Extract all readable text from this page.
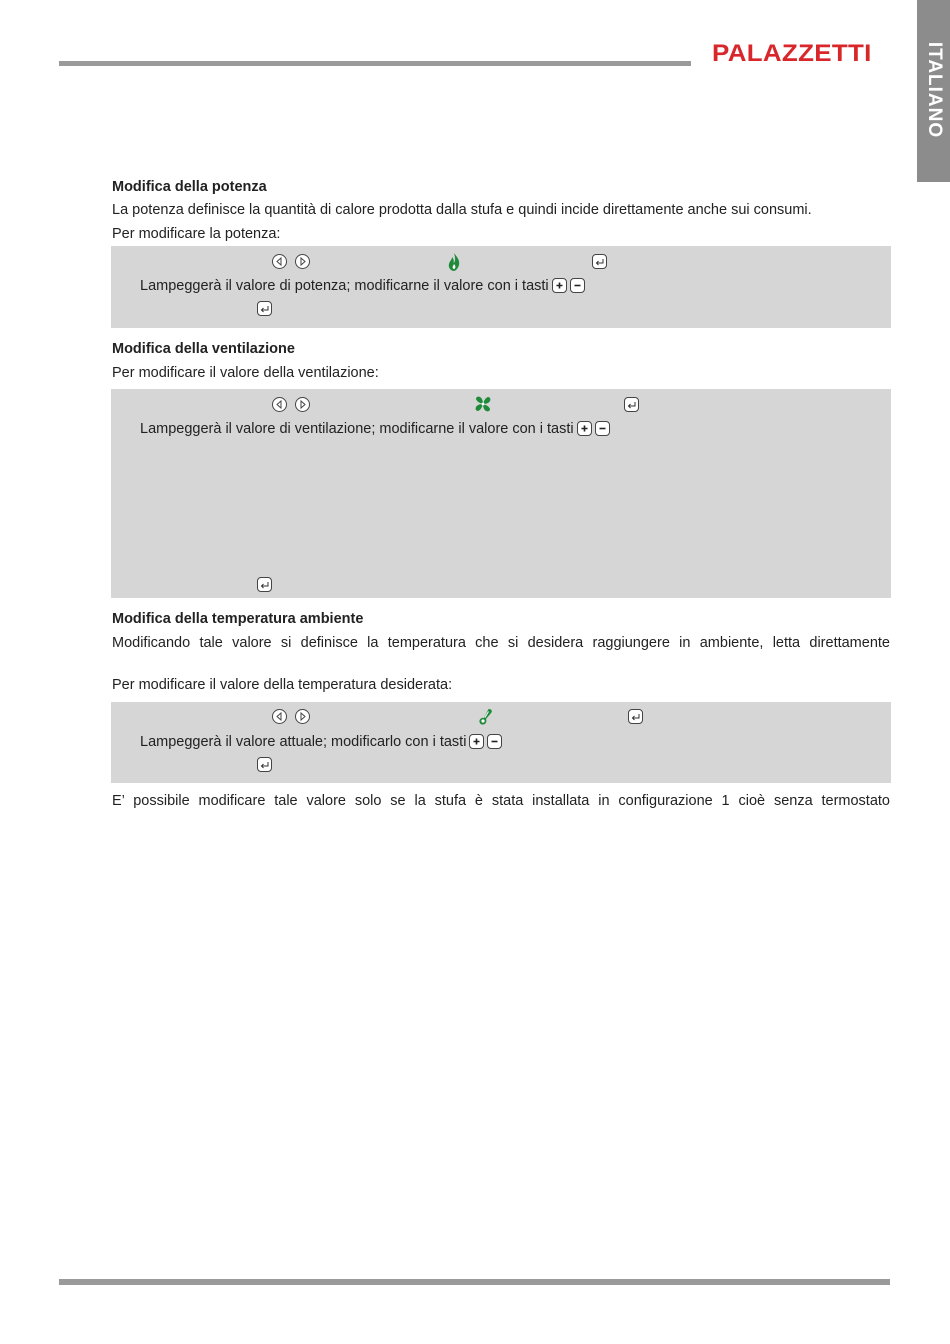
PALAZZETTI	ITALIANO
Modifica della potenza
La potenza definisce la quantità di calore prodotta dalla stufa e quindi incide direttamente anche sui consumi.
Per modificare la potenza:
Lampeggerà il valore di potenza; modificarne il valore con i tasti
Modifica della ventilazione
Per modificare il valore della ventilazione:
Lampeggerà il valore di ventilazione; modificarne il valore con i tasti
Modifica della temperatura ambiente
Modificando tale valore si definisce la temperatura che si desidera raggiungere in ambiente, letta direttamente
Per modificare il valore della temperatura desiderata:
Lampeggerà il valore attuale; modificarlo con i tasti
E’ possibile modificare tale valore solo se la stufa è stata installata in configurazione 1 cioè senza termostato
